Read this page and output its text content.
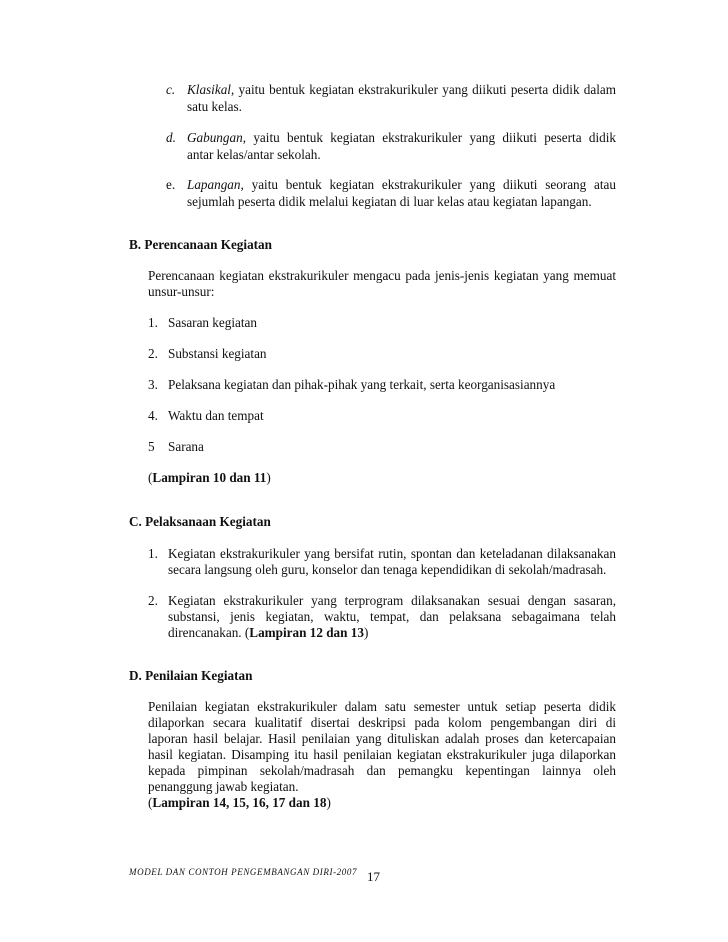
c. Klasikal, yaitu bentuk kegiatan ekstrakurikuler yang diikuti peserta didik dalam
satu kelas.
d. Gabungan, yaitu bentuk kegiatan ekstrakurikuler yang diikuti peserta didik
antar kelas/antar sekolah.
e. Lapangan, yaitu bentuk kegiatan ekstrakurikuler yang diikuti seorang atau
sejumlah peserta didik melalui kegiatan di luar kelas atau kegiatan lapangan.
B. Perencanaan Kegiatan
Perencanaan kegiatan ekstrakurikuler mengacu pada jenis-jenis kegiatan yang memuat
unsur-unsur:
1. Sasaran kegiatan
2. Substansi kegiatan
3. Pelaksana kegiatan dan pihak-pihak yang terkait, serta keorganisasiannya
4. Waktu dan tempat
5 Sarana
(Lampiran 10 dan 11)
C. Pelaksanaan Kegiatan
1. Kegiatan ekstrakurikuler yang bersifat rutin, spontan dan keteladanan dilaksanakan
secara langsung oleh guru, konselor dan tenaga kependidikan di sekolah/madrasah.
2. Kegiatan ekstrakurikuler yang terprogram dilaksanakan sesuai dengan sasaran,
substansi, jenis kegiatan, waktu, tempat, dan pelaksana sebagaimana telah
direncanakan. (Lampiran 12 dan 13)
D. Penilaian Kegiatan
Penilaian kegiatan ekstrakurikuler dalam satu semester untuk setiap peserta didik
dilaporkan secara kualitatif disertai deskripsi pada kolom pengembangan diri di
laporan hasil belajar. Hasil penilaian yang dituliskan adalah proses dan ketercapaian
hasil kegiatan. Disamping itu hasil penilaian kegiatan ekstrakurikuler juga dilaporkan
kepada pimpinan sekolah/madrasah dan pemangku kepentingan lainnya oleh
penanggung jawab kegiatan.
(Lampiran 14, 15, 16, 17 dan 18)
MODEL DAN CONTOH PENGEMBANGAN DIRI-2007 17
